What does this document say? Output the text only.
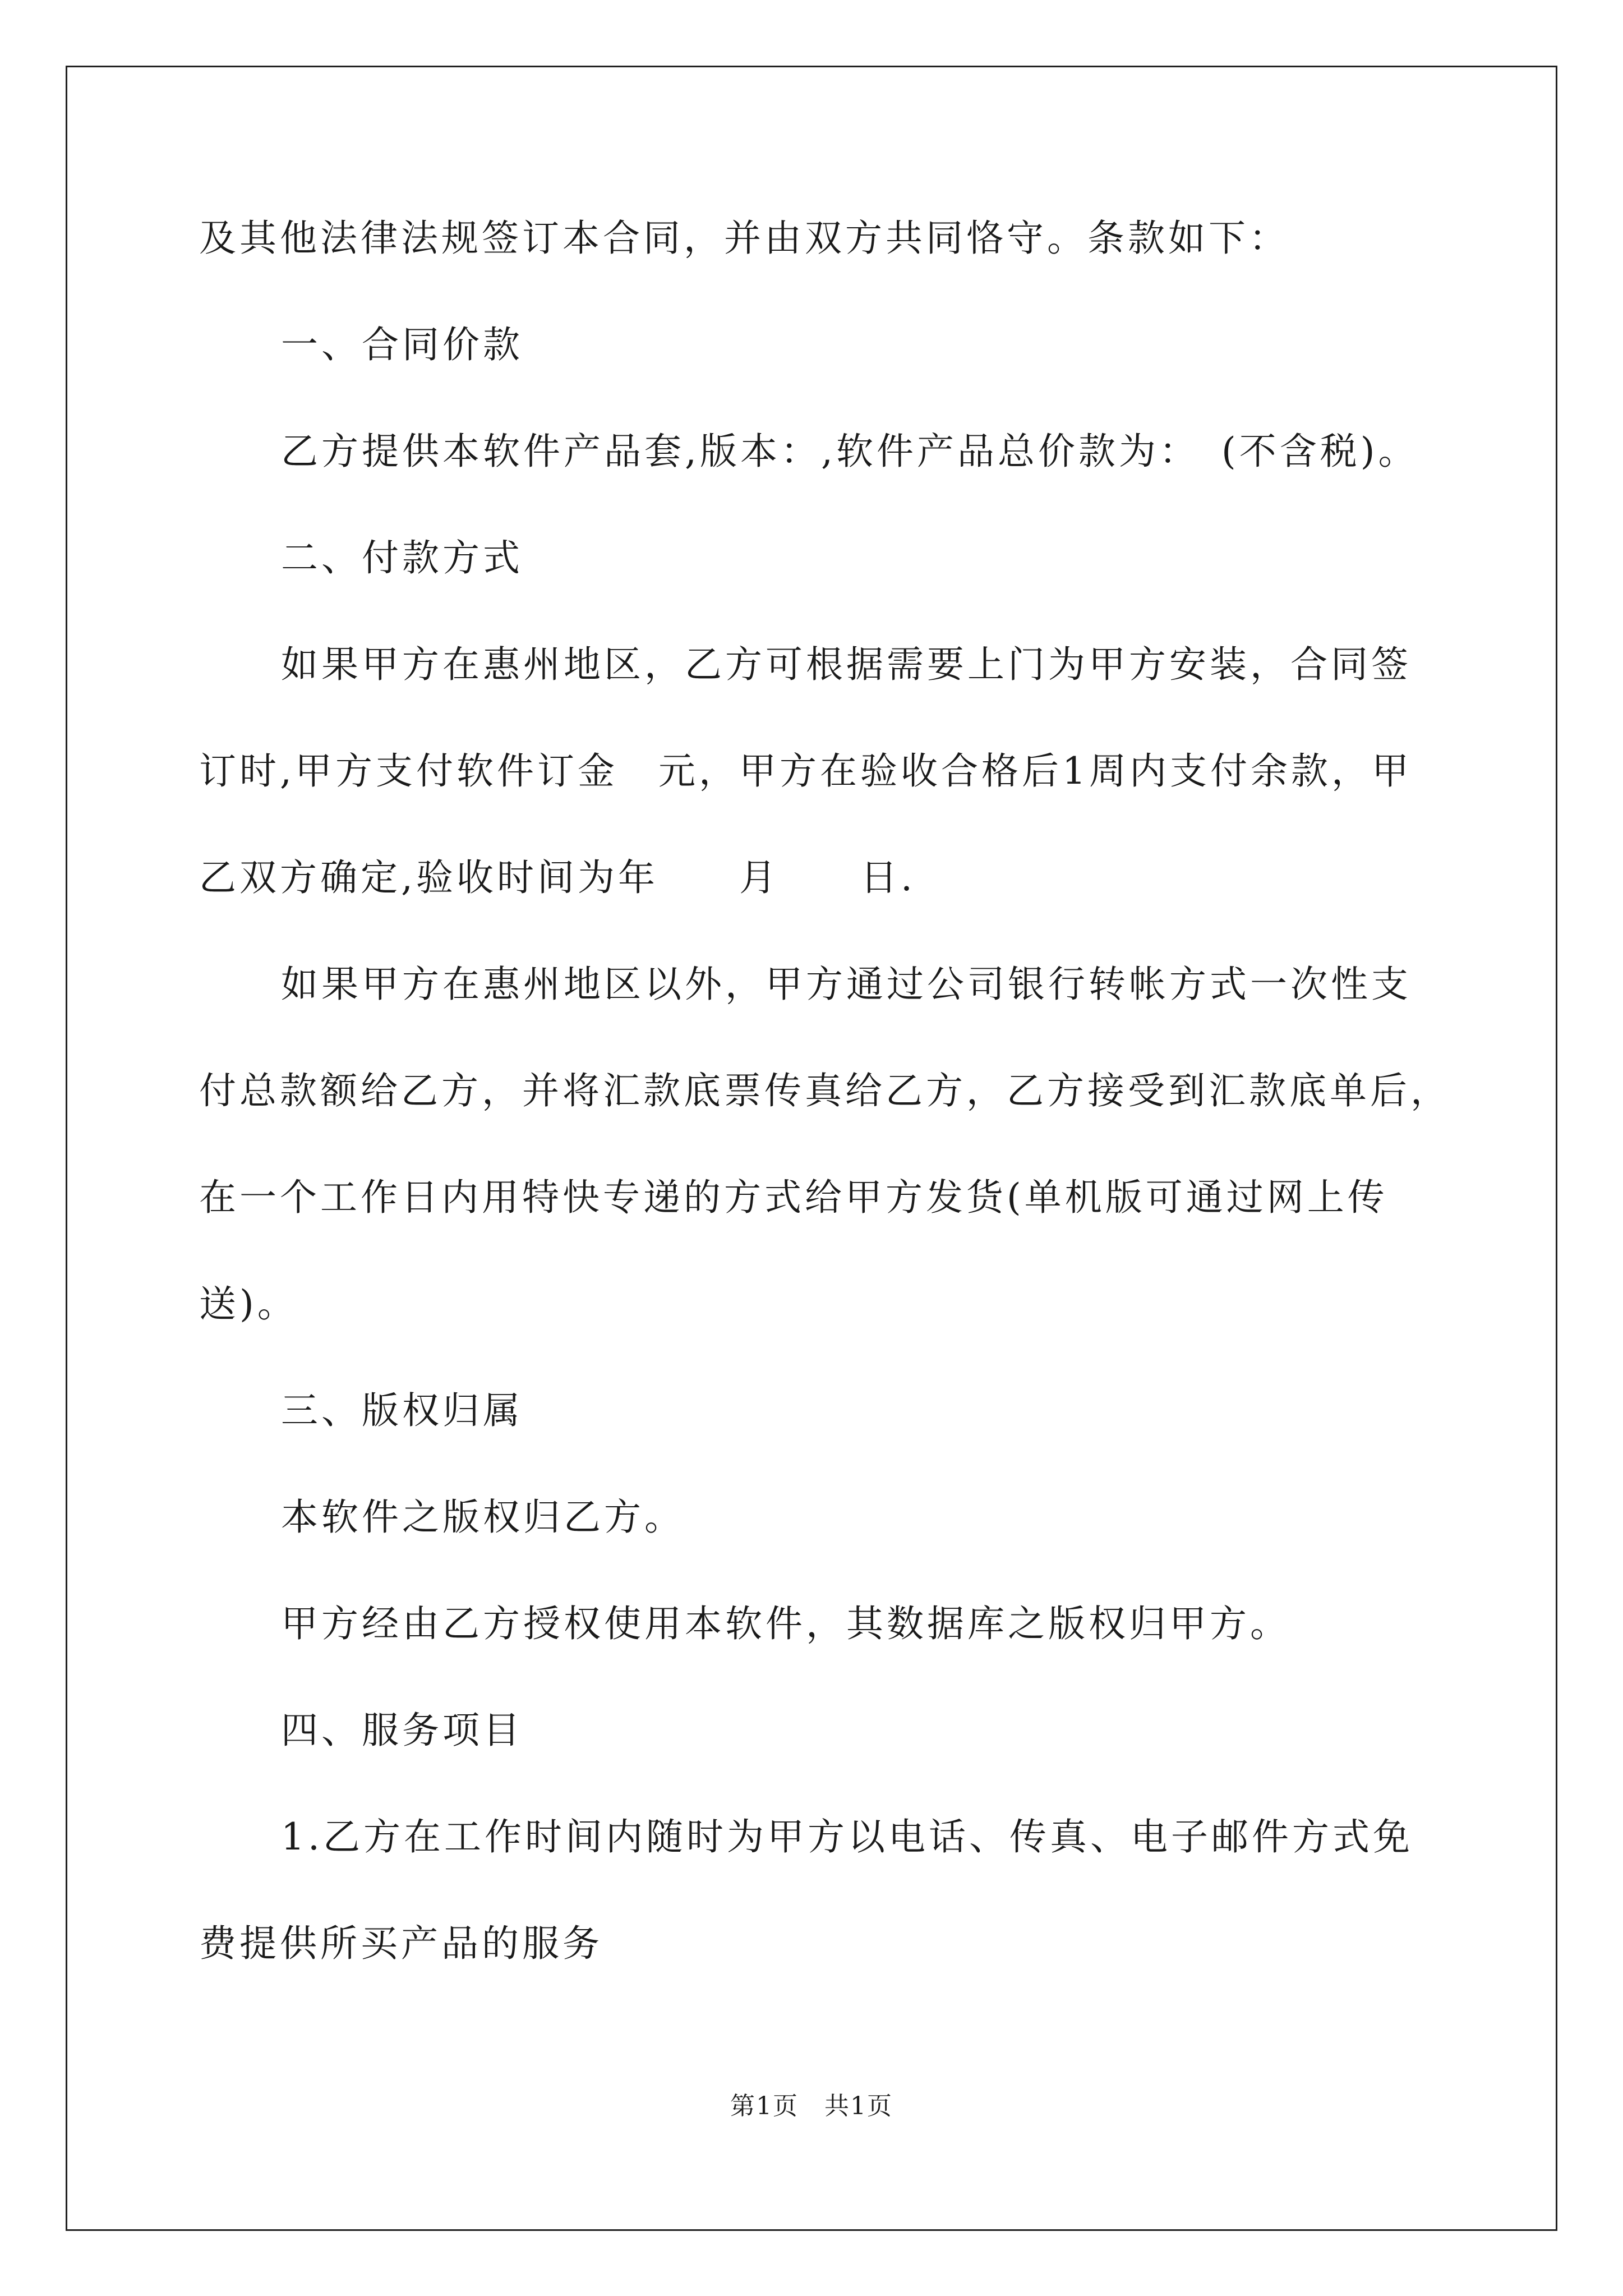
及其他法律法规签订本合同，并由双方共同恪守。条款如下：
一、合同价款
乙方提供本软件产品套,版本：,软件产品总价款为：　(不含税)。
二、付款方式
如果甲方在惠州地区，乙方可根据需要上门为甲方安装，合同签
订时,甲方支付软件订金　元，甲方在验收合格后1周内支付余款，甲
乙双方确定,验收时间为年　　月　　日.
如果甲方在惠州地区以外，甲方通过公司银行转帐方式一次性支
付总款额给乙方，并将汇款底票传真给乙方，乙方接受到汇款底单后，
在一个工作日内用特快专递的方式给甲方发货(单机版可通过网上传
送)。
三、版权归属
本软件之版权归乙方。
甲方经由乙方授权使用本软件，其数据库之版权归甲方。
四、服务项目
1.乙方在工作时间内随时为甲方以电话、传真、电子邮件方式免
费提供所买产品的服务
第1页　共1页
